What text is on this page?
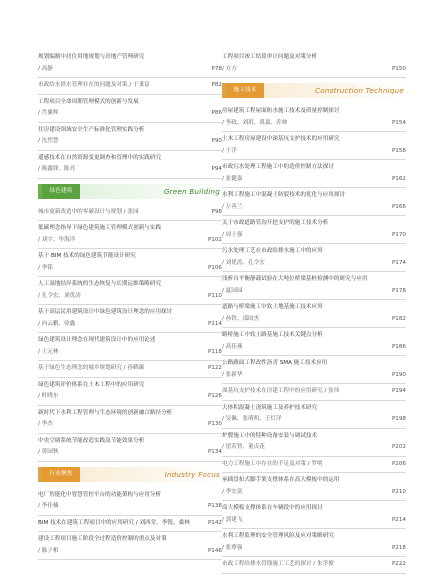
规划编制中居住用地规划与房地产管理研究
/ 高静	P78
市政给水供水管理存在的问题及对策 / 于秉富	P82
工程项目全命周期管理模式的创新与发展
/ 肖翼辉	P86
住房建设领域安全生产标准化管理实践分析
/ 沈烈慧	P90
遥感技术在自然资源变更调查和管理中的实践研究
/ 陈鑫锋、陈亮	P94
绿色建筑	Green Building
城市更新改造中的零碳设计与规划 / 张园	P98
低碳理念指导下绿色建筑施工管理模式创新与实践
/ 刘宇、毕海洋	P102
基于 BIM 技术的绿色建筑节能设计研究
/ 李铭	P106
人工湿地结岸系统的生态恢复与长期运维策略研究
/ 孔令宏、刘优涛	P110
基于高层民用建筑设计中绿色建筑设计理念的应用探讨
/ 向云鹏、徐鑫	P114
绿色建筑设计理念在现代建筑设计中的应用论述
/ 王元林	P118
基于绿色生态理念的城乡规划研究 / 孙鹤臻	P122
绿色建筑评价体系在土木工程中的应用研究
/ 时晓东	P126
新时代下水利工程管理与生态环境的创新融合路径分析
/ 李杰	P130
中央空调系统节能改造实践及节能效果分析
/ 黄园秋	P134
行业聚焦	Industry Focus
电厂智能化中智慧管控平台的功能架构与应用分析
/ 李佳楠	P138
BIM 技术在建筑工程项目中的应用研究 / 刘西堂、李锐、桑林	P142
建设工程项目施工阶段全过程造价控制的重点及对策
/ 陈子相	P146
工程项目竣工结算审计问题及对策分析
/ 方方	P150
施工技术	Construction Technique
房屋建筑工程屋面防水施工技术及质量控制探讨
/ 李政、刘玥、禹嘉、乔帅	P154
土木工程房屋建设中深基坑支护技术的应用研究
/ 于洋	P158
市政污水处理工程施工中的造价控制方法探讨
/ 张健嘉	P162
水利工程施工中混凝土防裂技术的优化与应用探讨
/ 左善兰	P166
关于市政道路管沟开挖支护的施工技术分析
/ 周士强	P170
污水处理工艺在市政给排水施工中的应用
/ 刘优涛、孔令宏	P174
浅析自平衡静载试验在大吨位桥梁基桩检测中的研究与应用
/ 夏园园	P178
道路与桥梁施工中软土地基施工技术应用
/ 孙铁、邵国杰	P182
路桥施工中软土路基施工技术关键点分析
/ 高佳燕	P186
公路路面工程改性沥青 SMA 施工技术应用
/ 张新华	P190
深基坑支护技术在房建工程中的应用研究 / 张伟	P194
大体积混凝土浇筑施工及养护技术研究
/ 吴佩、张萌明、王灯洋	P198
炉膛施工中的特种设备安装与调试技术
/ 崖若智、董贞花	P202
电力工程施工中存在的不足及对策 / 罗明	P206
承插盘扣式脚手架支撑体系在高大模板中的运用
/ 李宏富	P210
高大模板支撑体系在车辆段中的应用探讨
/ 郭建飞	P214
水利工程监理的安全管理风险及应对策略研究
/ 张尊强	P218
市政工程给排水管线施工工艺的探讨 / 朱学俊	P222
